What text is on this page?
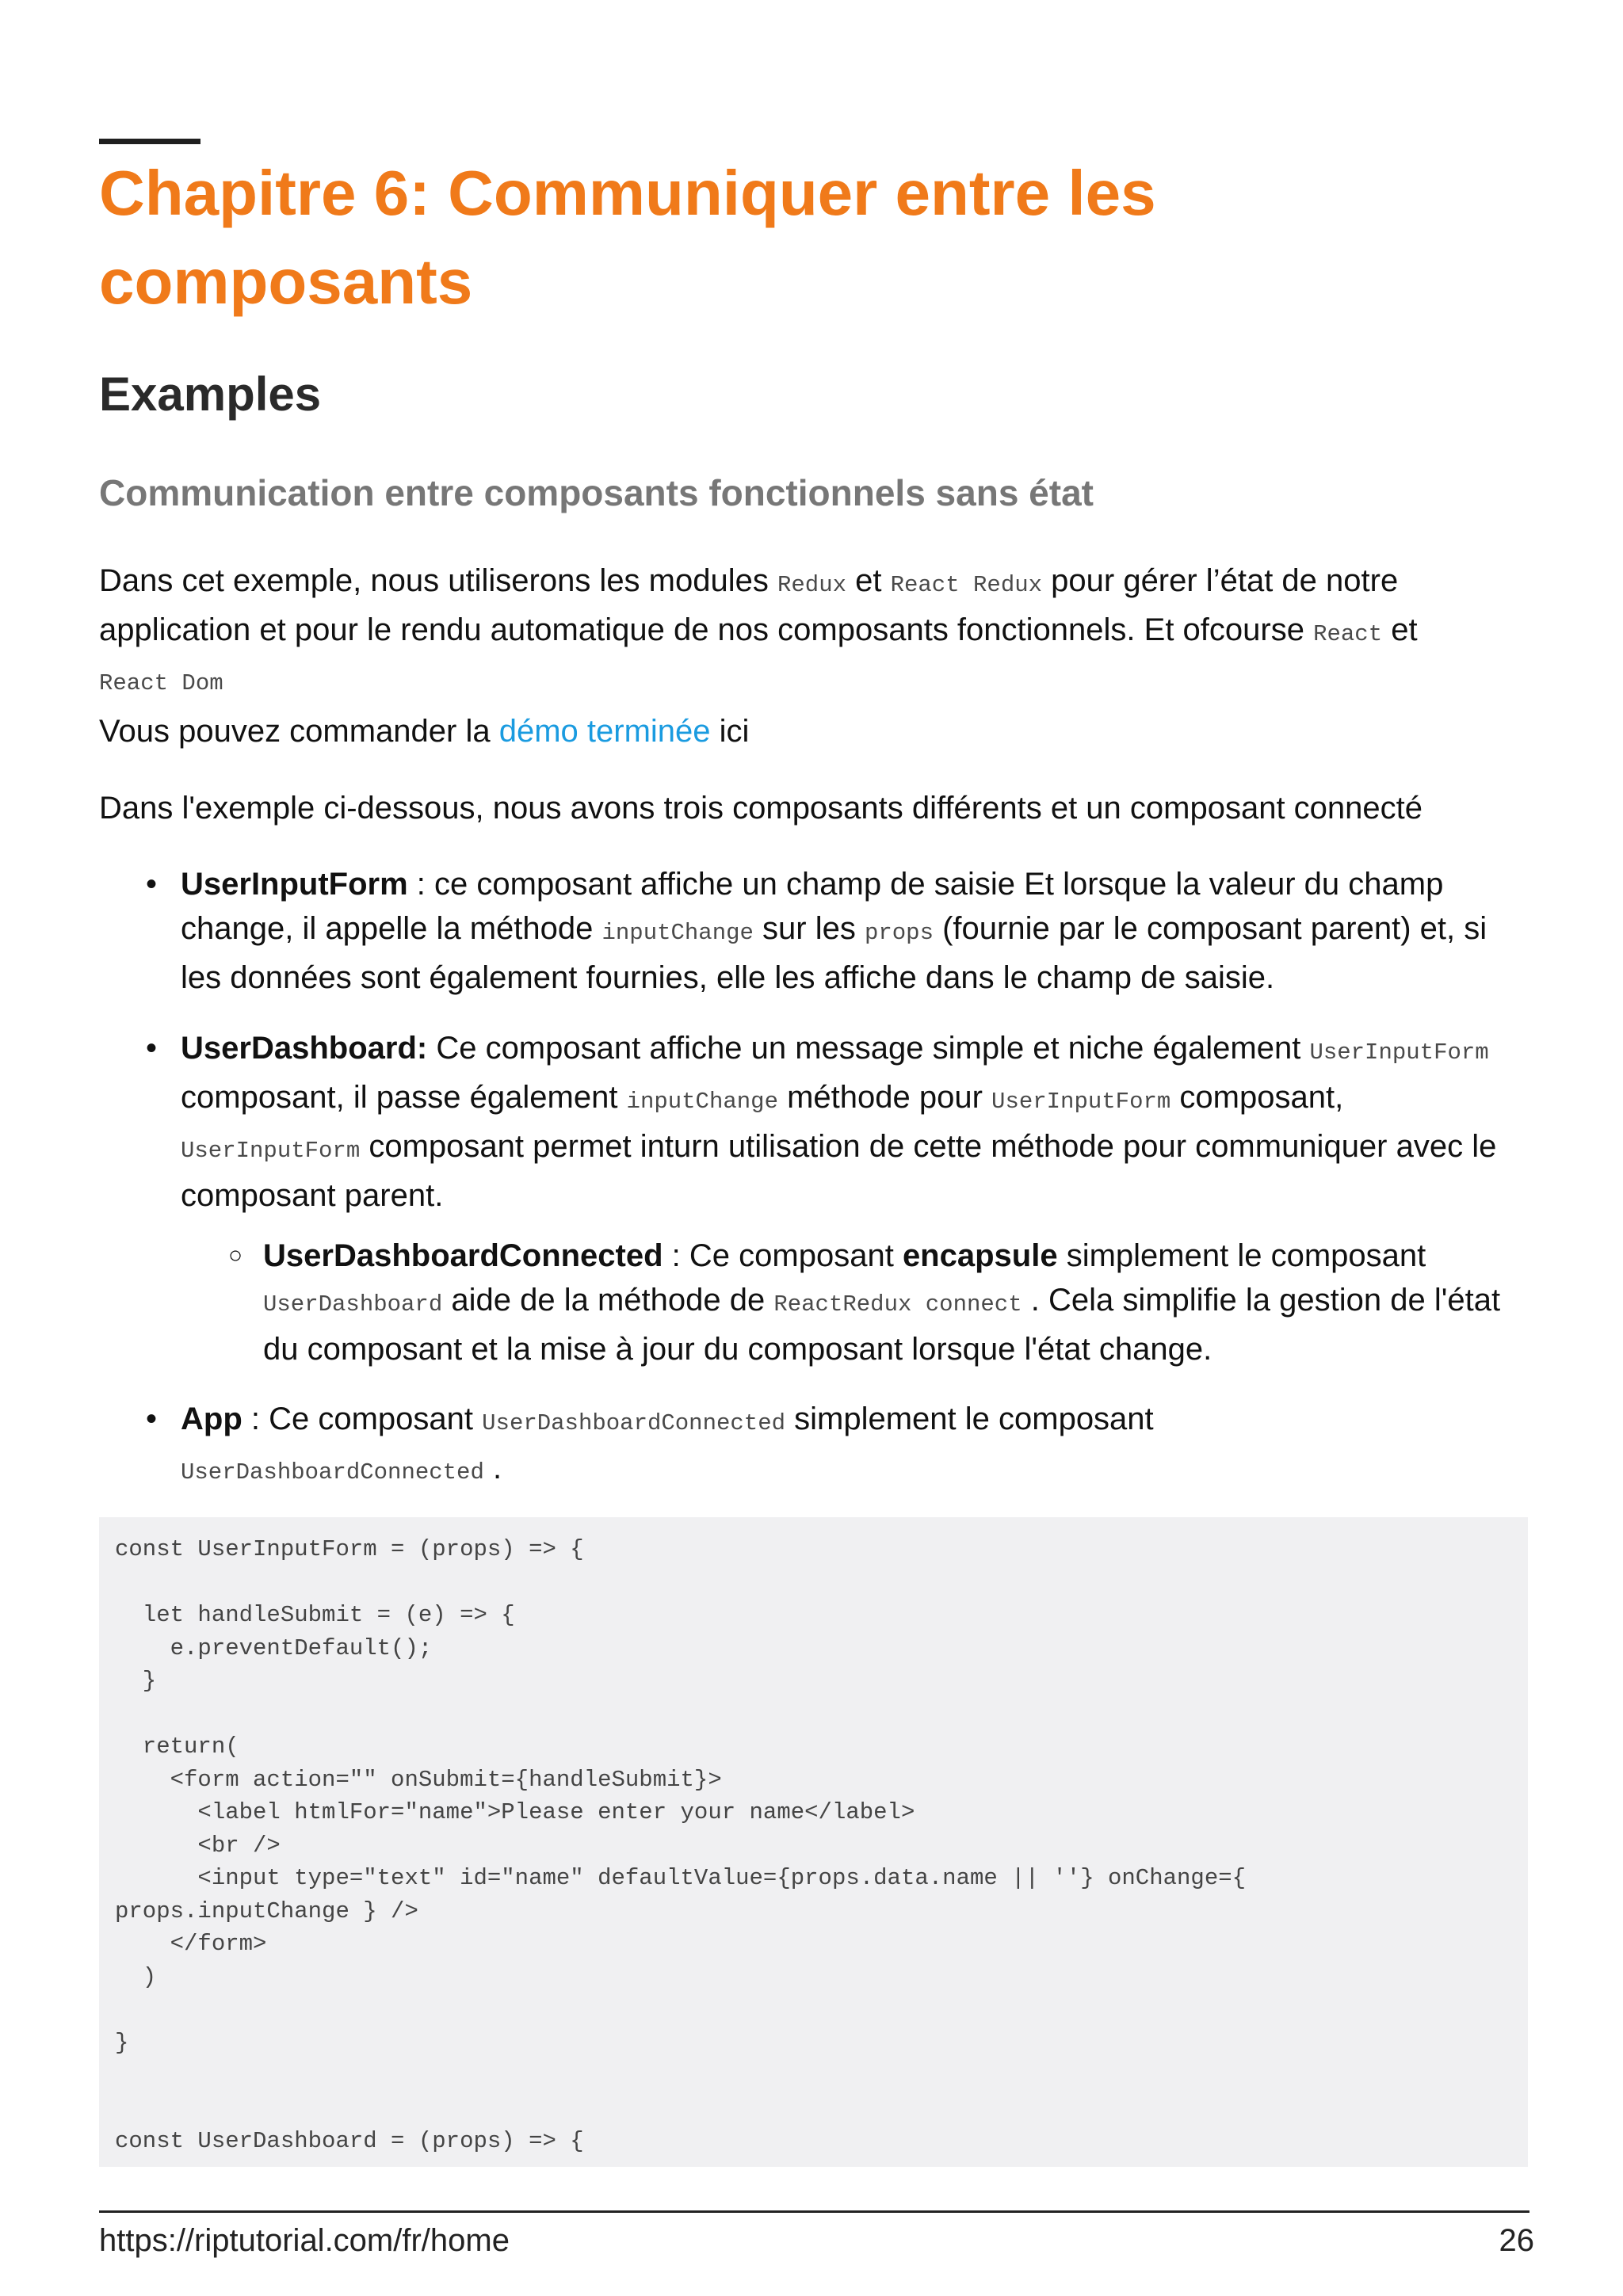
Chapitre 6: Communiquer entre les composants
Examples
Communication entre composants fonctionnels sans état

Dans cet exemple, nous utiliserons les modules Redux et React Redux pour gérer l’état de notre application et pour le rendu automatique de nos composants fonctionnels. Et ofcourse React et
React Dom

Vous pouvez commander la démo terminée ici

Dans l'exemple ci-dessous, nous avons trois composants différents et un composant connecté

• UserInputForm : ce composant affiche un champ de saisie Et lorsque la valeur du champ change, il appelle la méthode inputChange sur les props (fournie par le composant parent) et, si les données sont également fournies, elle les affiche dans le champ de saisie.

• UserDashboard: Ce composant affiche un message simple et niche également UserInputForm composant, il passe également inputChange méthode pour UserInputForm composant, UserInputForm composant permet inturn utilisation de cette méthode pour communiquer avec le composant parent.

○ UserDashboardConnected : Ce composant encapsule simplement le composant UserDashboard aide de la méthode de ReactRedux connect . Cela simplifie la gestion de l'état du composant et la mise à jour du composant lorsque l'état change.

• App : Ce composant UserDashboardConnected simplement le composant
UserDashboardConnected .

const UserInputForm = (props) => {

let handleSubmit = (e) => {
e.preventDefault();
}

return(
<form action="" onSubmit={handleSubmit}>
<label htmlFor="name">Please enter your name</label>
<br />
<input type="text" id="name" defaultValue={props.data.name || ''} onChange={
props.inputChange } />
</form>
)

}

const UserDashboard = (props) => {
https://riptutorial.com/fr/home	26
